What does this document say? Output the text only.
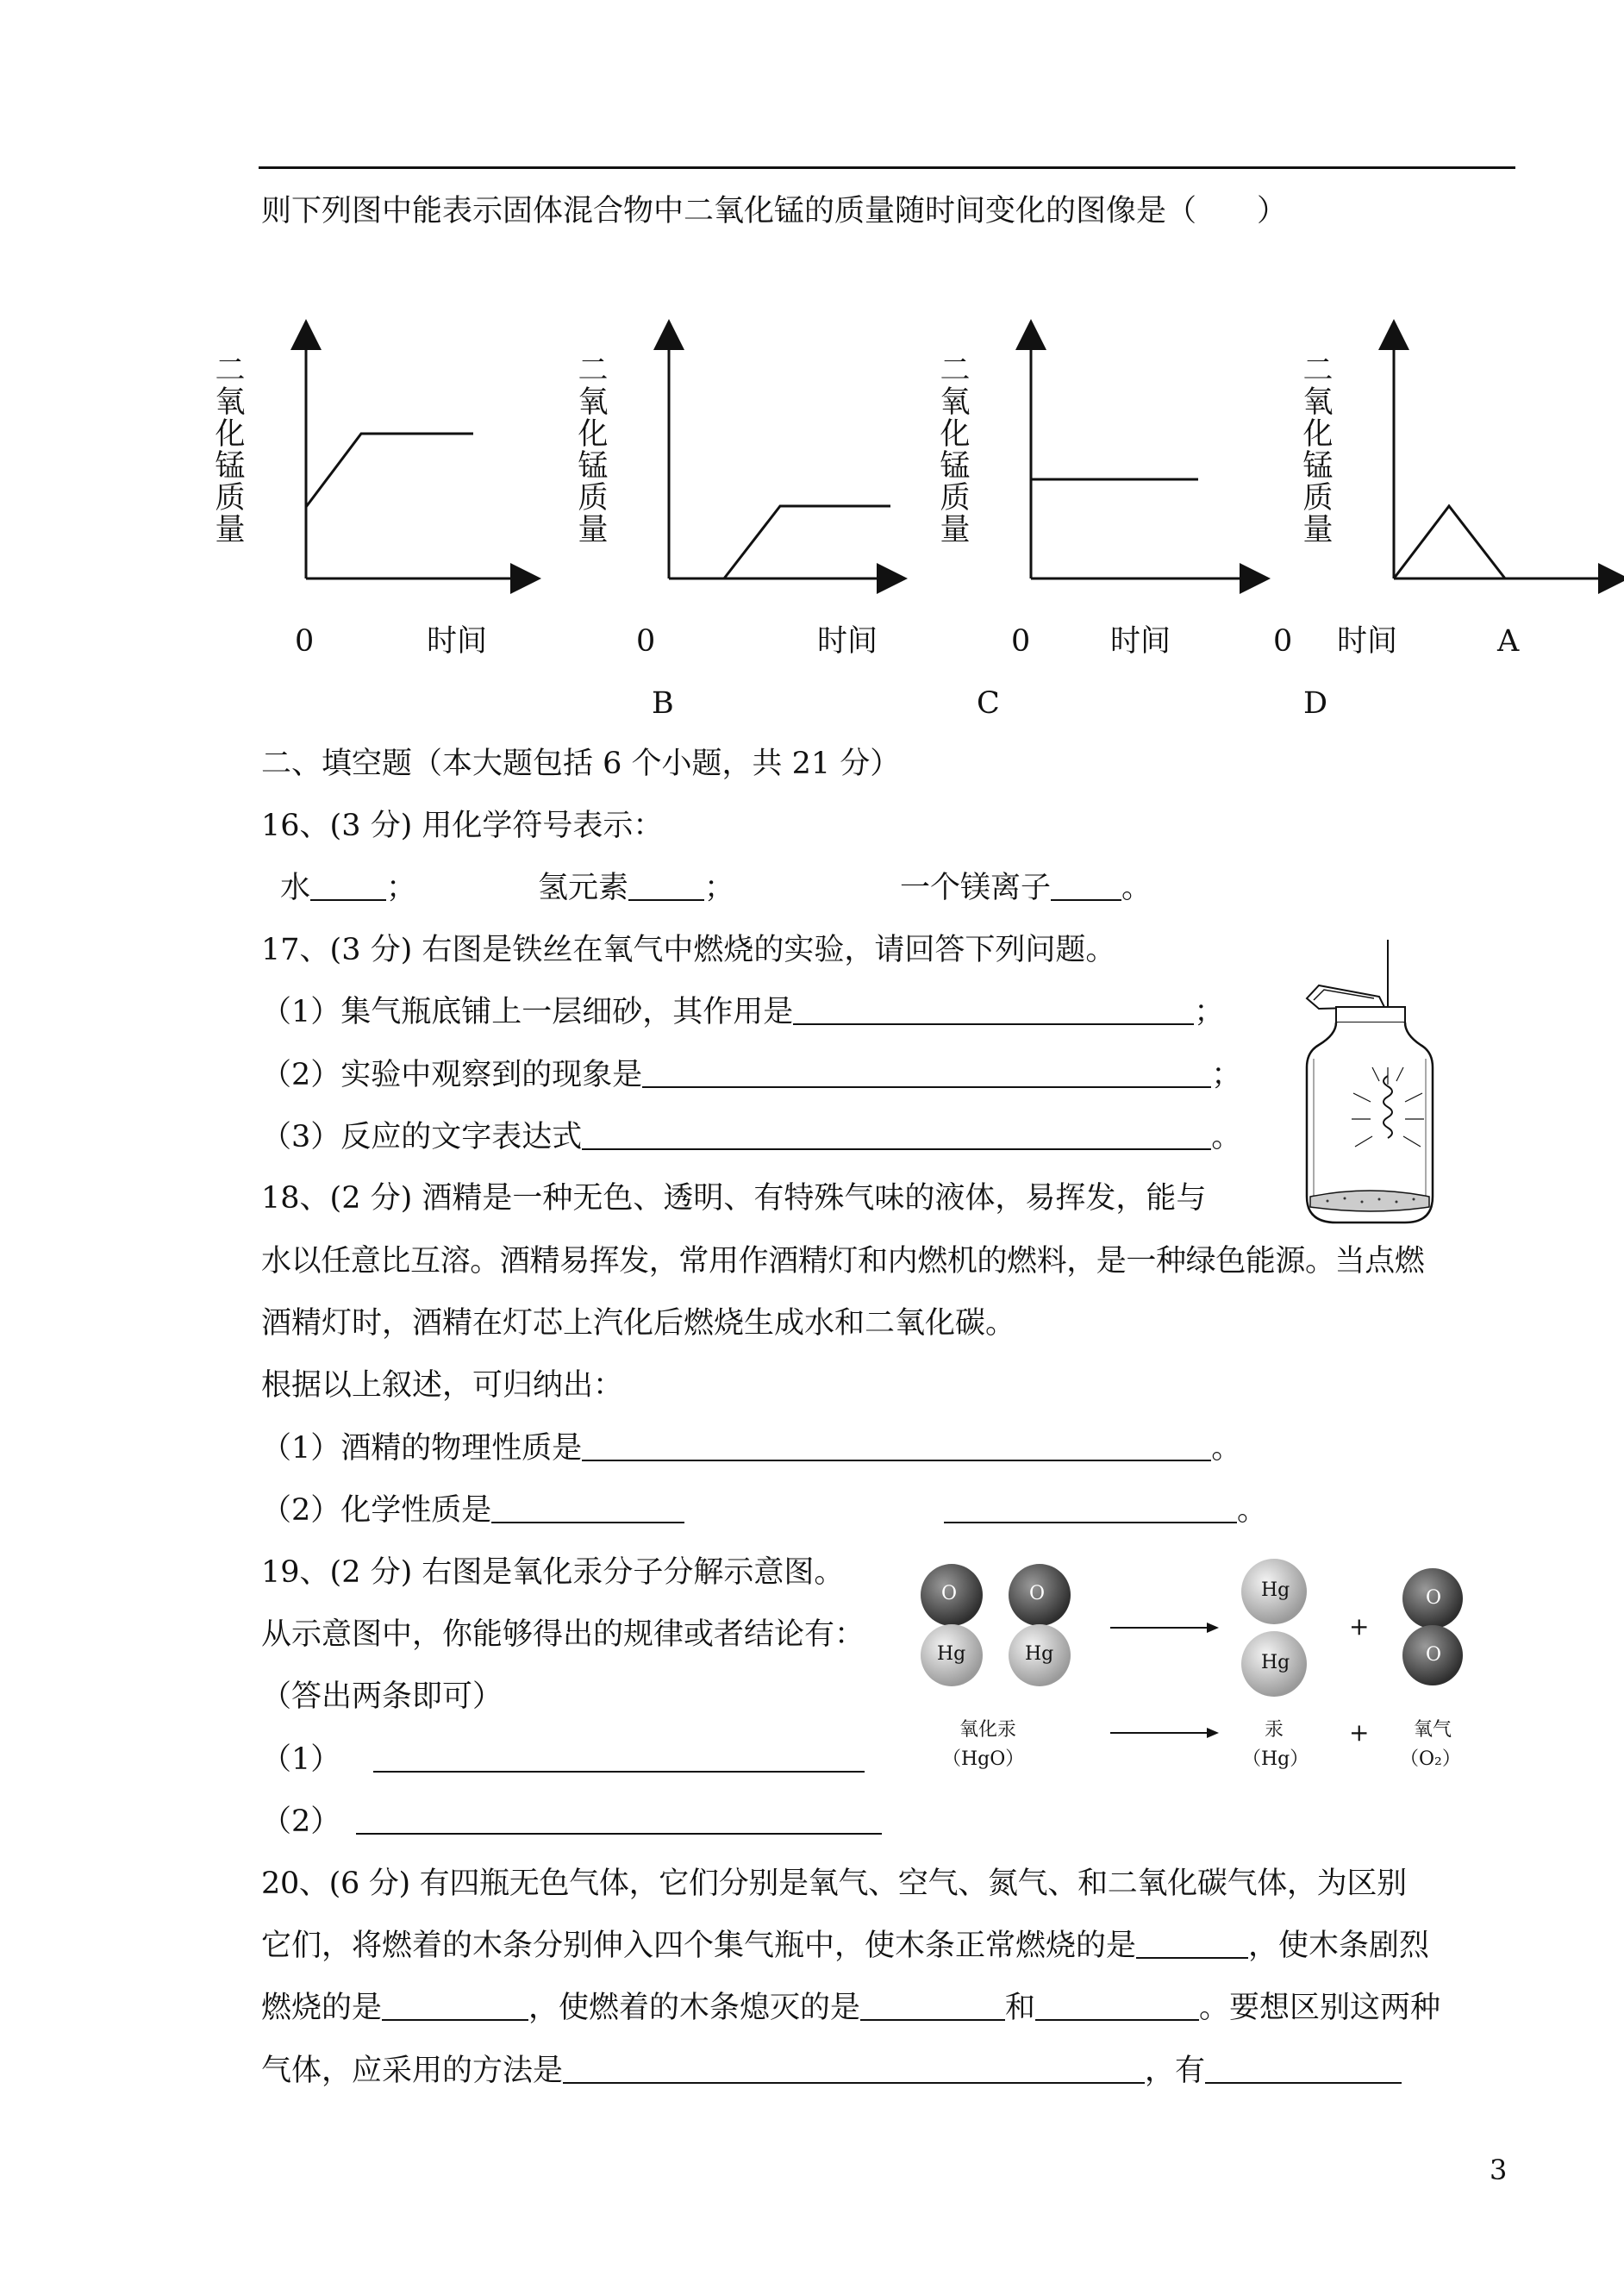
则下列图中能表示固体混合物中二氧化锰的质量随时间变化的图像是（　　）
二
氧
化
锰
质
量
二
氧
化
锰
质
量
二
氧
化
锰
质
量
二
氧
化
锰
质
量
0	时间	0	时间	0	时间	0 时间	A
B	C	D
二、填空题（本大题包括 6 个小题，共 21 分）
16、(3 分) 用化学符号表示：
水	；	氢元素	；	一个镁离子 。
17、(3 分) 右图是铁丝在氧气中燃烧的实验，请回答下列问题。
（1）集气瓶底铺上一层细砂，其作用是	；
（2）实验中观察到的现象是	；
（3）反应的文字表达式	。
18、(2 分) 酒精是一种无色、透明、有特殊气味的液体，易挥发，能与
水以任意比互溶。酒精易挥发，常用作酒精灯和内燃机的燃料，是一种绿色能源。当点燃
酒精灯时，酒精在灯芯上汽化后燃烧生成水和二氧化碳。
根据以上叙述，可归纳出：
（1）酒精的物理性质是	。
（2）化学性质是	。
19、(2 分) 右图是氧化汞分子分解示意图。
从示意图中，你能够得出的规律或者结论有：
（答出两条即可）
（1）
（2）
O	O
Hg	Hg
Hg
Hg
O
O
+
+
氧化汞
（HgO）
汞
（Hg）
氧气
（O₂）
20、(6 分) 有四瓶无色气体，它们分别是氧气、空气、氮气、和二氧化碳气体，为区别
它们，将燃着的木条分别伸入四个集气瓶中，使木条正常燃烧的是	，使木条剧烈
燃烧的是	，使燃着的木条熄灭的是	和	。要想区别这两种
气体，应采用的方法是	，有
3
